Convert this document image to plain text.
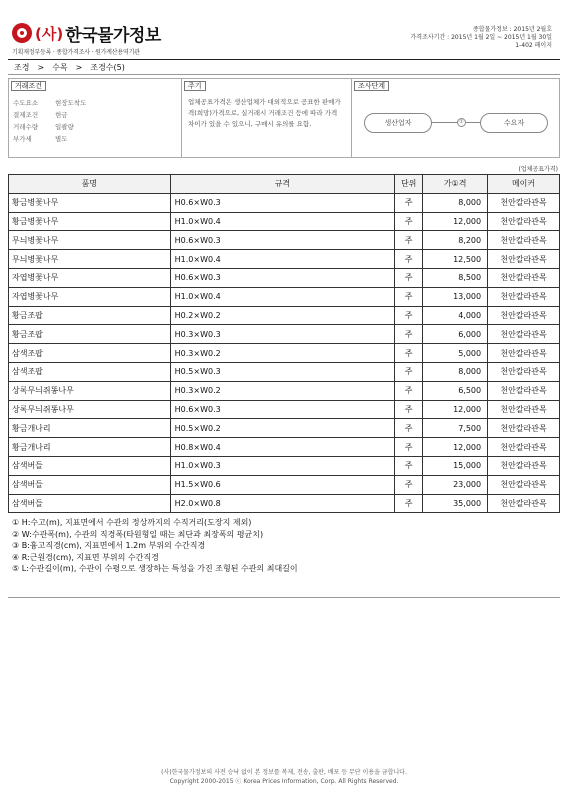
(사) 한국물가정보
기획재정부등록 · 종합가격조사 · 원가계산용역기관
종합물가정보 : 2015년 2월호
가격조사기간 : 2015년 1월 2일 ~ 2015년 1월 30일
1-402 페이지
조경 > 수목 > 조경수(5)
거래조건
수도요소	현장도착도
결제조건	현금
거래수량	일괄량
부가세	별도
주기
업체공표가격은 생산업체가 대외적으로 공표한 판매가격(희망)가격으로, 실거래시 거래조건 등에 따라 가격 차이가 있을 수 있으니, 구매시 유의를 요함.
조사단계
생산업자	①	수요자
(업체공표가격)
품명	규격	단위	가①격	메이커
황금병꽃나무	H0.6×W0.3	주	8,000	천안칼라관목
황금병꽃나무	H1.0×W0.4	주	12,000	천안칼라관목
무늬병꽃나무	H0.6×W0.3	주	8,200	천안칼라관목
무늬병꽃나무	H1.0×W0.4	주	12,500	천안칼라관목
자엽병꽃나무	H0.6×W0.3	주	8,500	천안칼라관목
자엽병꽃나무	H1.0×W0.4	주	13,000	천안칼라관목
황금조팝	H0.2×W0.2	주	4,000	천안칼라관목
황금조팝	H0.3×W0.3	주	6,000	천안칼라관목
삼색조팝	H0.3×W0.2	주	5,000	천안칼라관목
삼색조팝	H0.5×W0.3	주	8,000	천안칼라관목
상록무늬쥐똥나무	H0.3×W0.2	주	6,500	천안칼라관목
상록무늬쥐똥나무	H0.6×W0.3	주	12,000	천안칼라관목
황금개나리	H0.5×W0.2	주	7,500	천안칼라관목
황금개나리	H0.8×W0.4	주	12,000	천안칼라관목
삼색버들	H1.0×W0.3	주	15,000	천안칼라관목
삼색버들	H1.5×W0.6	주	23,000	천안칼라관목
삼색버들	H2.0×W0.8	주	35,000	천안칼라관목
① H:수고(m), 지표면에서 수관의 정상까지의 수직거리(도장지 제외)
② W:수관폭(m), 수관의 직경폭(타원형일 때는 최단과 최장폭의 평균치)
③ B:흉고직경(cm), 지표면에서 1.2m 부위의 수간직경
④ R:근원경(cm), 지표면 부위의 수간직경
⑤ L:수관길이(m), 수관이 수평으로 생장하는 특성을 가진 조형된 수관의 최대길이
(사)한국물가정보의 사전 승낙 없이 본 정보를 복제, 전송, 출판, 배포 등 무단 이용을 금합니다.
Copyright 2000-2015 ⓒ Korea Prices Information, Corp. All Rights Reserved.
